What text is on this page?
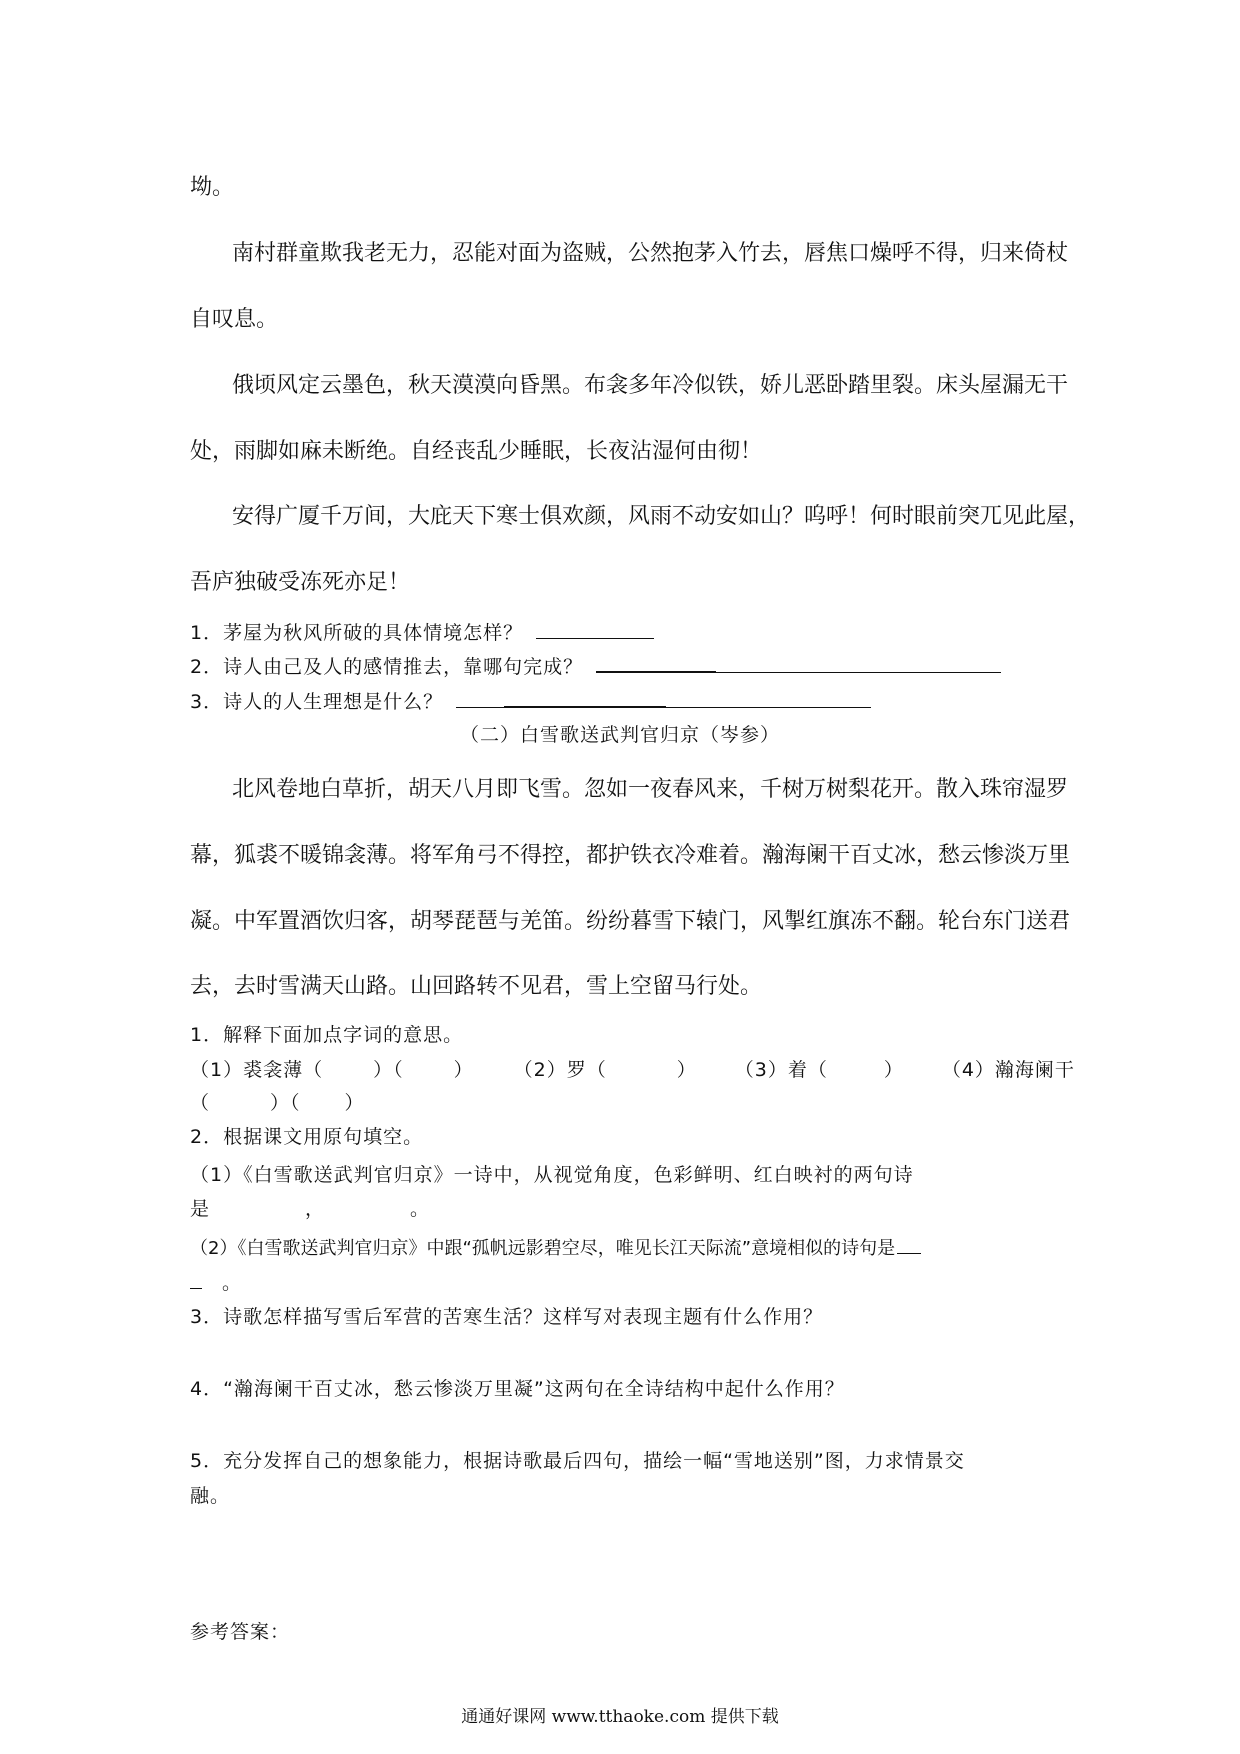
坳。
南村群童欺我老无力，忍能对面为盗贼，公然抱茅入竹去，唇焦口燥呼不得，归来倚杖
自叹息。
俄顷风定云墨色，秋天漠漠向昏黑。布衾多年冷似铁，娇儿恶卧踏里裂。床头屋漏无干
处，雨脚如麻未断绝。自经丧乱少睡眠，长夜沾湿何由彻！
安得广厦千万间，大庇天下寒士俱欢颜，风雨不动安如山？呜呼！何时眼前突兀见此屋，
吾庐独破受冻死亦足！
1．茅屋为秋风所破的具体情境怎样？
2．诗人由己及人的感情推去，靠哪句完成？
3．诗人的人生理想是什么？
（二）白雪歌送武判官归京（岑参）
北风卷地白草折，胡天八月即飞雪。忽如一夜春风来，千树万树梨花开。散入珠帘湿罗
幕，狐裘不暖锦衾薄。将军角弓不得控，都护铁衣冷难着。瀚海阑干百丈冰，愁云惨淡万里
凝。中军置酒饮归客，胡琴琵琶与羌笛。纷纷暮雪下辕门，风掣红旗冻不翻。轮台东门送君
去，去时雪满天山路。山回路转不见君，雪上空留马行处。
1．解释下面加点字词的意思。
（1）裘衾薄（	）（	） （2）罗（	） （3）着（	） （4）瀚海阑干
（	）（ ）
2．根据课文用原句填空。
（1）《白雪歌送武判官归京》一诗中，从视觉角度，色彩鲜明、红白映衬的两句诗
是	，	。
（2）《白雪歌送武判官归京》中跟“孤帆远影碧空尽，唯见长江天际流”意境相似的诗句是
。
3．诗歌怎样描写雪后军营的苦寒生活？这样写对表现主题有什么作用？
4．“瀚海阑干百丈冰，愁云惨淡万里凝”这两句在全诗结构中起什么作用？
5．充分发挥自己的想象能力，根据诗歌最后四句，描绘一幅“雪地送别”图，力求情景交
融。
参考答案：
通通好课网 www.tthaoke.com 提供下载
